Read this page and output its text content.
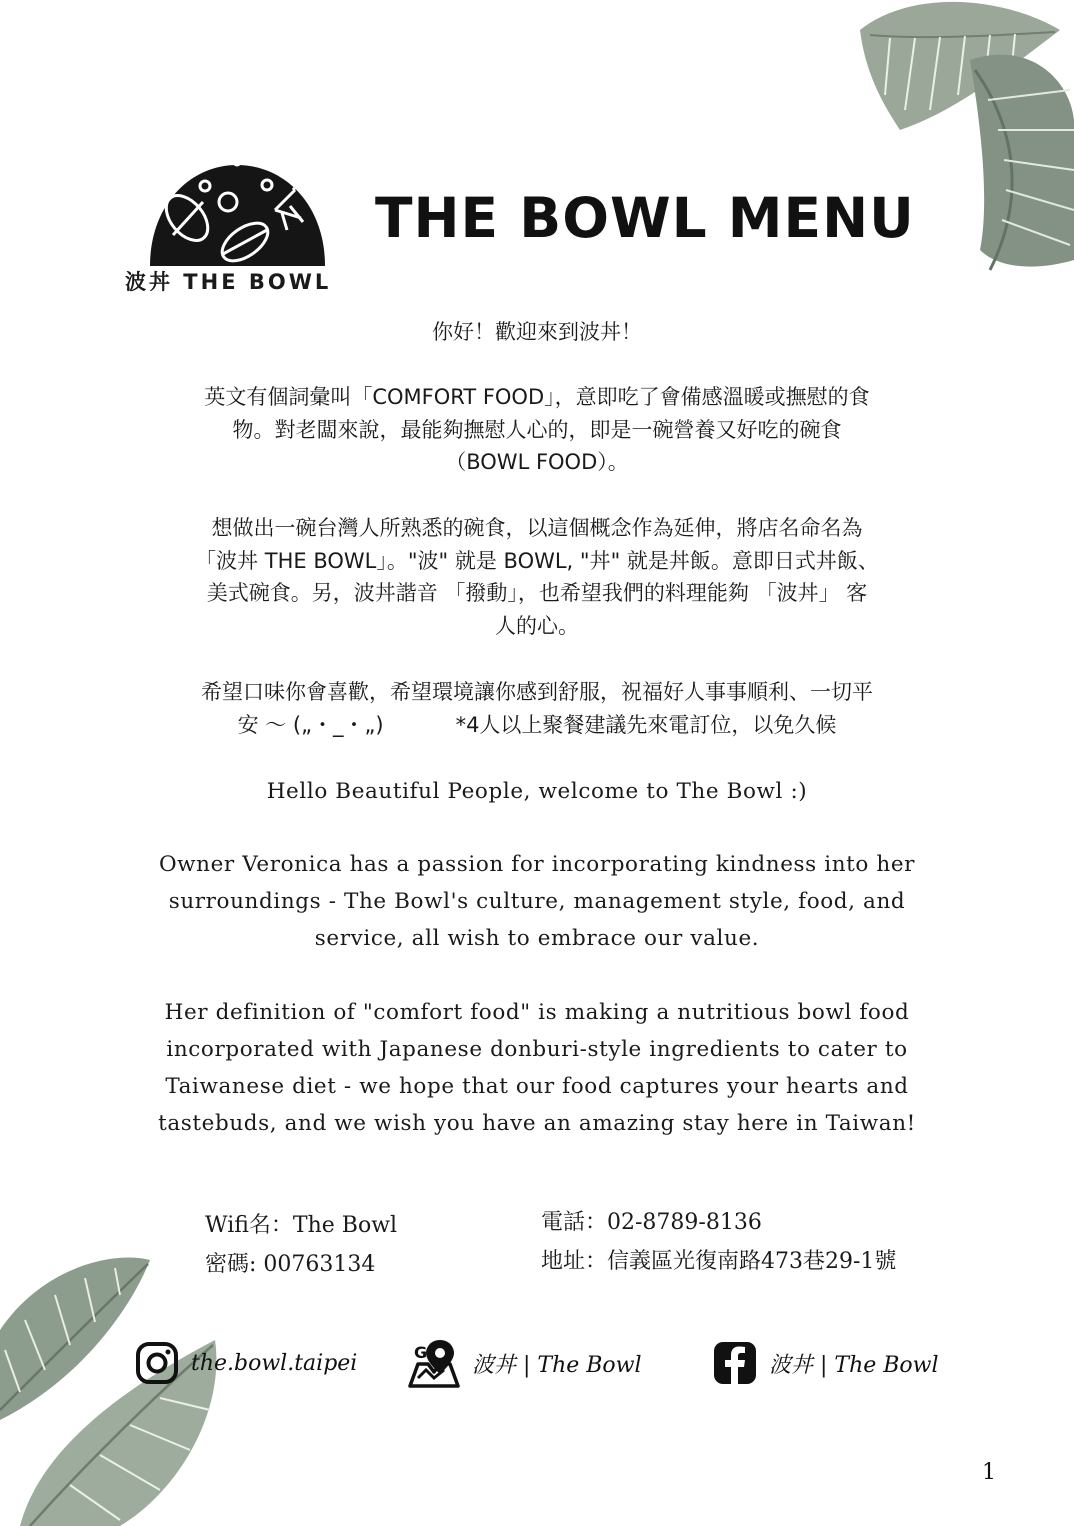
波丼 THE BOWL
THE BOWL MENU
你好！歡迎來到波丼！
英文有個詞彙叫「COMFORT FOOD」，意即吃了會備感溫暖或撫慰的食
物。對老闆來說，最能夠撫慰人心的，即是一碗營養又好吃的碗食
（BOWL FOOD）。
想做出一碗台灣人所熟悉的碗食，以這個概念作為延伸，將店名命名為
「波丼 THE BOWL」。"波" 就是 BOWL, "丼" 就是丼飯。意即日式丼飯、
美式碗食。另，波丼諧音 「撥動」，也希望我們的料理能夠 「波丼」 客
人的心。
希望口味你會喜歡，希望環境讓你感到舒服，祝福好人事事順利、一切平
安 ～ („・_・„)	*4人以上聚餐建議先來電訂位，以免久候
Hello Beautiful People, welcome to The Bowl :)
Owner Veronica has a passion for incorporating kindness into her
surroundings - The Bowl's culture, management style, food, and
service, all wish to embrace our value.
Her definition of "comfort food" is making a nutritious bowl food
incorporated with Japanese donburi-style ingredients to cater to
Taiwanese diet - we hope that our food captures your hearts and
tastebuds, and we wish you have an amazing stay here in Taiwan!
Wifi名：The Bowl
密碼: 00763134
電話：02-8789-8136
地址：信義區光復南路473巷29-1號
the.bowl.taipei	G 波丼 | The Bowl	波丼 | The Bowl
1
